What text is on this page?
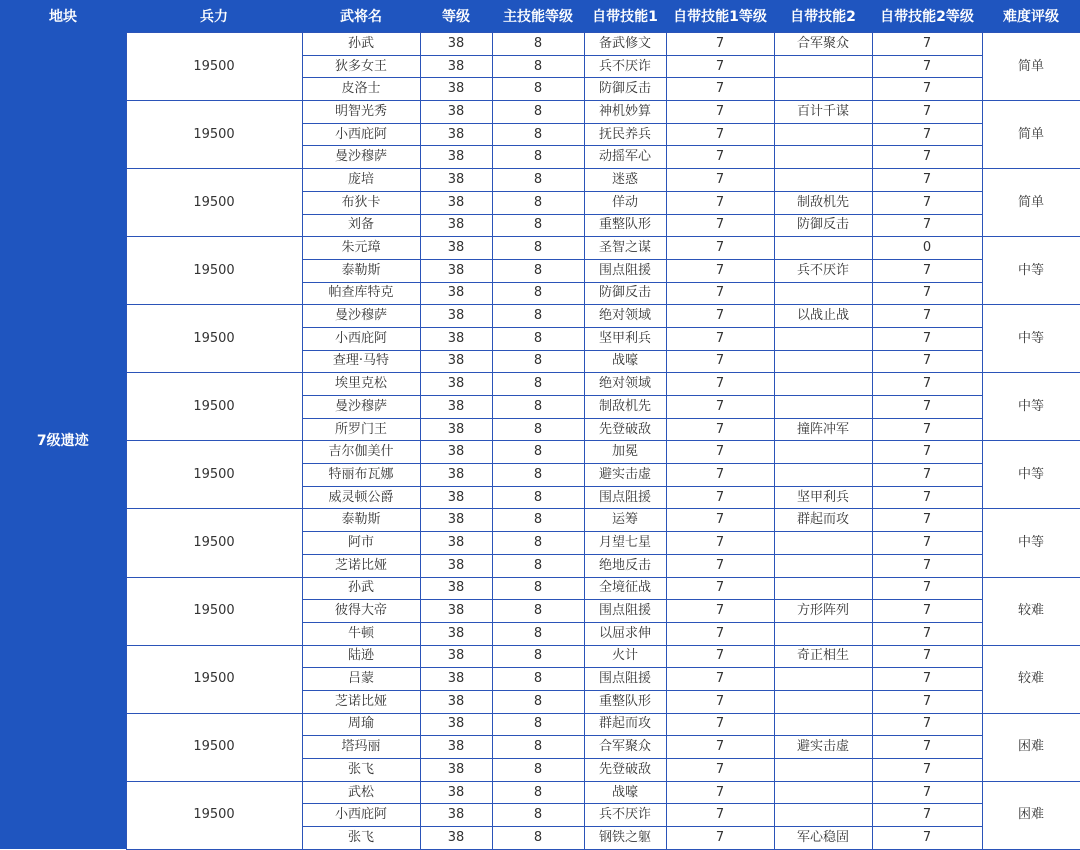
地块	兵力	武将名	等级	主技能等级	自带技能1	自带技能1等级	自带技能2	自带技能2等级	难度评级
7级遗迹	19500	孙武	38	8	备武修文	7	合军聚众	7	简单
		狄多女王	38	8	兵不厌诈	7		7	
		皮洛士	38	8	防御反击	7		7	
	19500	明智光秀	38	8	神机妙算	7	百计千谋	7	简单
		小西庇阿	38	8	抚民养兵	7		7	
		曼沙穆萨	38	8	动摇军心	7		7	
	19500	庞培	38	8	迷惑	7		7	简单
		布狄卡	38	8	佯动	7	制敌机先	7	
		刘备	38	8	重整队形	7	防御反击	7	
	19500	朱元璋	38	8	圣智之谋	7		0	中等
		泰勒斯	38	8	围点阻援	7	兵不厌诈	7	
		帕查库特克	38	8	防御反击	7		7	
	19500	曼沙穆萨	38	8	绝对领域	7	以战止战	7	中等
		小西庇阿	38	8	坚甲利兵	7		7	
		查理·马特	38	8	战嚎	7		7	
	19500	埃里克松	38	8	绝对领域	7		7	中等
		曼沙穆萨	38	8	制敌机先	7		7	
		所罗门王	38	8	先登破敌	7	撞阵冲军	7	
	19500	吉尔伽美什	38	8	加冕	7		7	中等
		特丽布瓦娜	38	8	避实击虚	7		7	
		威灵顿公爵	38	8	围点阻援	7	坚甲利兵	7	
	19500	泰勒斯	38	8	运筹	7	群起而攻	7	中等
		阿市	38	8	月望七星	7		7	
		芝诺比娅	38	8	绝地反击	7		7	
	19500	孙武	38	8	全境征战	7		7	较难
		彼得大帝	38	8	围点阻援	7	方形阵列	7	
		牛顿	38	8	以屈求伸	7		7	
	19500	陆逊	38	8	火计	7	奇正相生	7	较难
		吕蒙	38	8	围点阻援	7		7	
		芝诺比娅	38	8	重整队形	7		7	
	19500	周瑜	38	8	群起而攻	7		7	困难
		塔玛丽	38	8	合军聚众	7	避实击虚	7	
		张飞	38	8	先登破敌	7		7	
	19500	武松	38	8	战嚎	7		7	困难
		小西庇阿	38	8	兵不厌诈	7		7	
		张飞	38	8	钢铁之躯	7	军心稳固	7	
